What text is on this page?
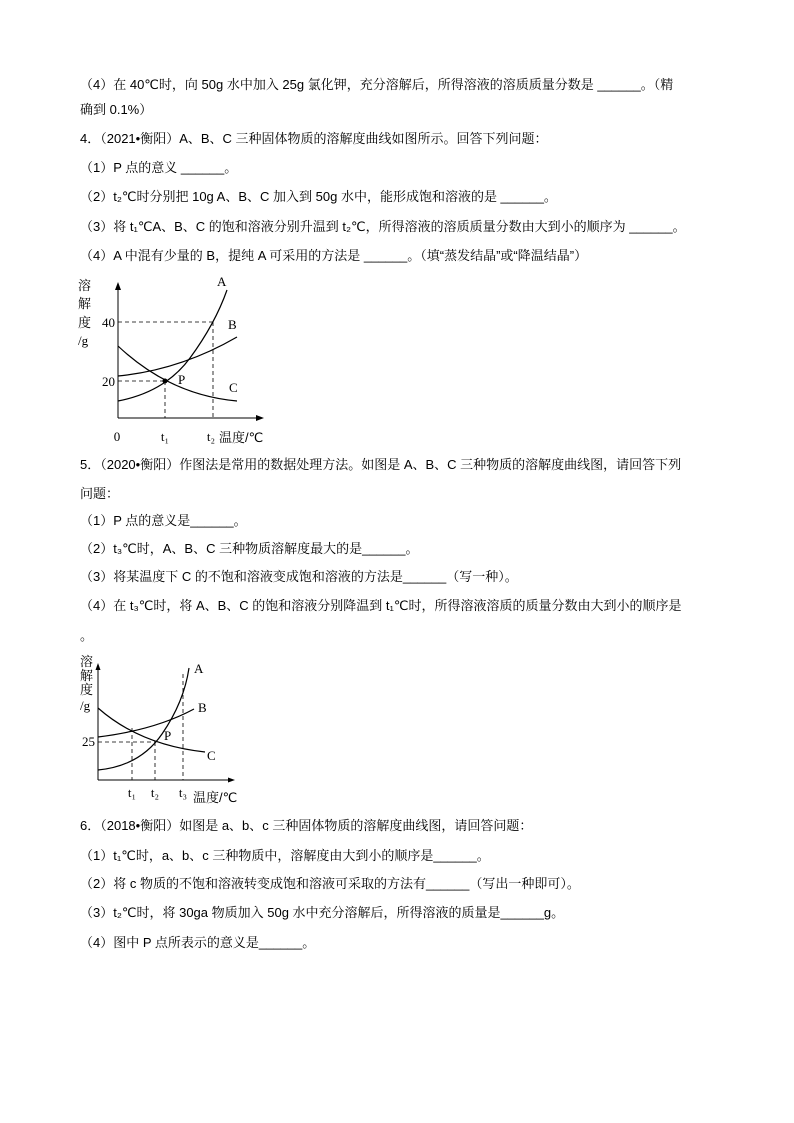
（4）在 40℃时，向 50g 水中加入 25g 氯化钾，充分溶解后，所得溶液的溶质质量分数是 ______。（精
确到 0.1%）
4．（2021•衡阳）A、B、C 三种固体物质的溶解度曲线如图所示。回答下列问题：
（1）P 点的意义 ______。
（2）t₂℃时分别把 10g A、B、C 加入到 50g 水中，能形成饱和溶液的是 ______。
（3）将 t₁℃A、B、C 的饱和溶液分别升温到 t₂℃，所得溶液的溶质质量分数由大到小的顺序为 ______。
（4）A 中混有少量的 B，提纯 A 可采用的方法是 ______。（填“蒸发结晶”或“降温结晶”）
溶
解
度
/g
40
20
A
B
C
P
0	t₁	t₂ 温度/℃
5．（2020•衡阳）作图法是常用的数据处理方法。如图是 A、B、C 三种物质的溶解度曲线图，请回答下列
问题：
（1）P 点的意义是______。
（2）t₃℃时，A、B、C 三种物质溶解度最大的是______。
（3）将某温度下 C 的不饱和溶液变成饱和溶液的方法是______（写一种）。
（4）在 t₃℃时，将 A、B、C 的饱和溶液分别降温到 t₁℃时，所得溶液溶质的质量分数由大到小的顺序是
。
溶
解
度
/g
25
A
B
C
P
t₁ t₂ t₃ 温度/℃
6．（2018•衡阳）如图是 a、b、c 三种固体物质的溶解度曲线图，请回答问题：
（1）t₁℃时，a、b、c 三种物质中，溶解度由大到小的顺序是______。
（2）将 c 物质的不饱和溶液转变成饱和溶液可采取的方法有______（写出一种即可）。
（3）t₂℃时，将 30ga 物质加入 50g 水中充分溶解后，所得溶液的质量是______g。
（4）图中 P 点所表示的意义是______。
